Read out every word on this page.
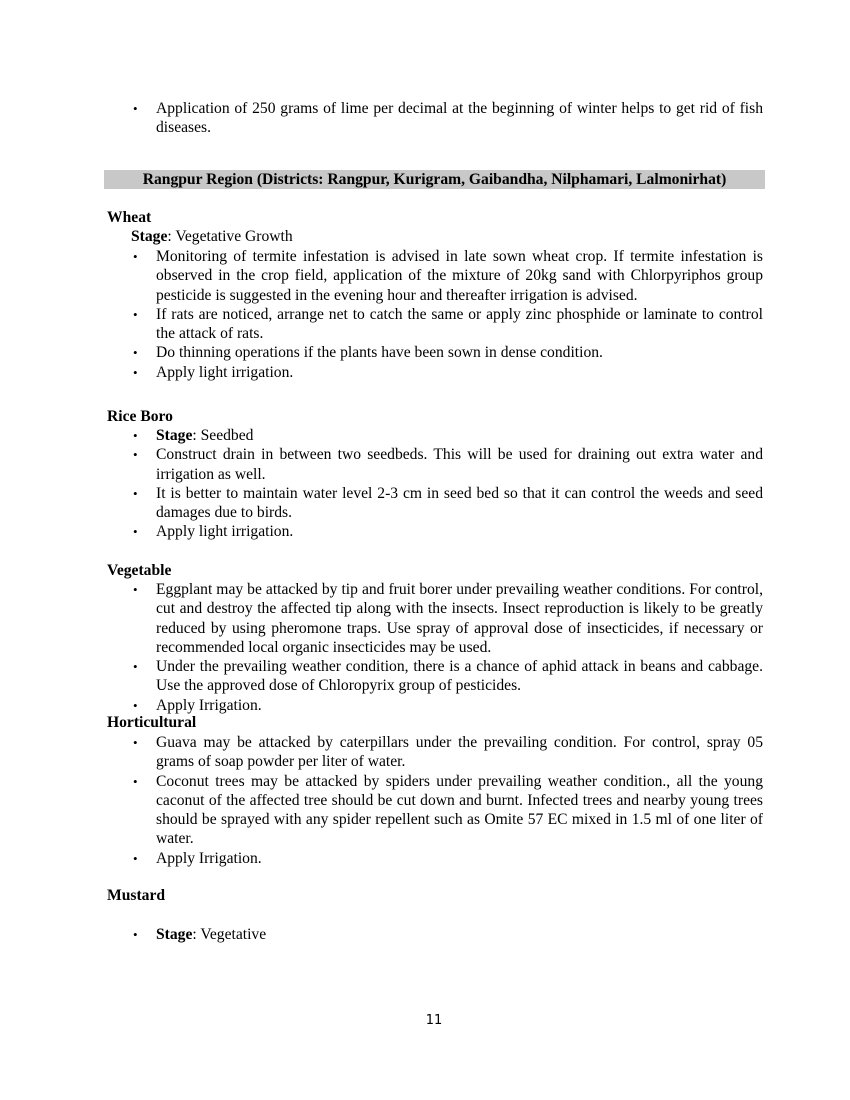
• Application of 250 grams of lime per decimal at the beginning of winter helps to get rid of fish diseases.
Rangpur Region (Districts: Rangpur, Kurigram, Gaibandha, Nilphamari, Lalmonirhat)
Wheat
Stage: Vegetative Growth
• Monitoring of termite infestation is advised in late sown wheat crop. If termite infestation is observed in the crop field, application of the mixture of 20kg sand with Chlorpyriphos group pesticide is suggested in the evening hour and thereafter irrigation is advised.
• If rats are noticed, arrange net to catch the same or apply zinc phosphide or laminate to control the attack of rats.
• Do thinning operations if the plants have been sown in dense condition.
• Apply light irrigation.
Rice Boro
• Stage: Seedbed
• Construct drain in between two seedbeds. This will be used for draining out extra water and irrigation as well.
• It is better to maintain water level 2-3 cm in seed bed so that it can control the weeds and seed damages due to birds.
• Apply light irrigation.
Vegetable
• Eggplant may be attacked by tip and fruit borer under prevailing weather conditions. For control, cut and destroy the affected tip along with the insects. Insect reproduction is likely to be greatly reduced by using pheromone traps. Use spray of approval dose of insecticides, if necessary or recommended local organic insecticides may be used.
• Under the prevailing weather condition, there is a chance of aphid attack in beans and cabbage. Use the approved dose of Chloropyrix group of pesticides.
• Apply Irrigation.
Horticultural
• Guava may be attacked by caterpillars under the prevailing condition. For control, spray 05 grams of soap powder per liter of water.
• Coconut trees may be attacked by spiders under prevailing weather condition., all the young caconut of the affected tree should be cut down and burnt. Infected trees and nearby young trees should be sprayed with any spider repellent such as Omite 57 EC mixed in 1.5 ml of one liter of water.
• Apply Irrigation.
Mustard
• Stage: Vegetative
11
